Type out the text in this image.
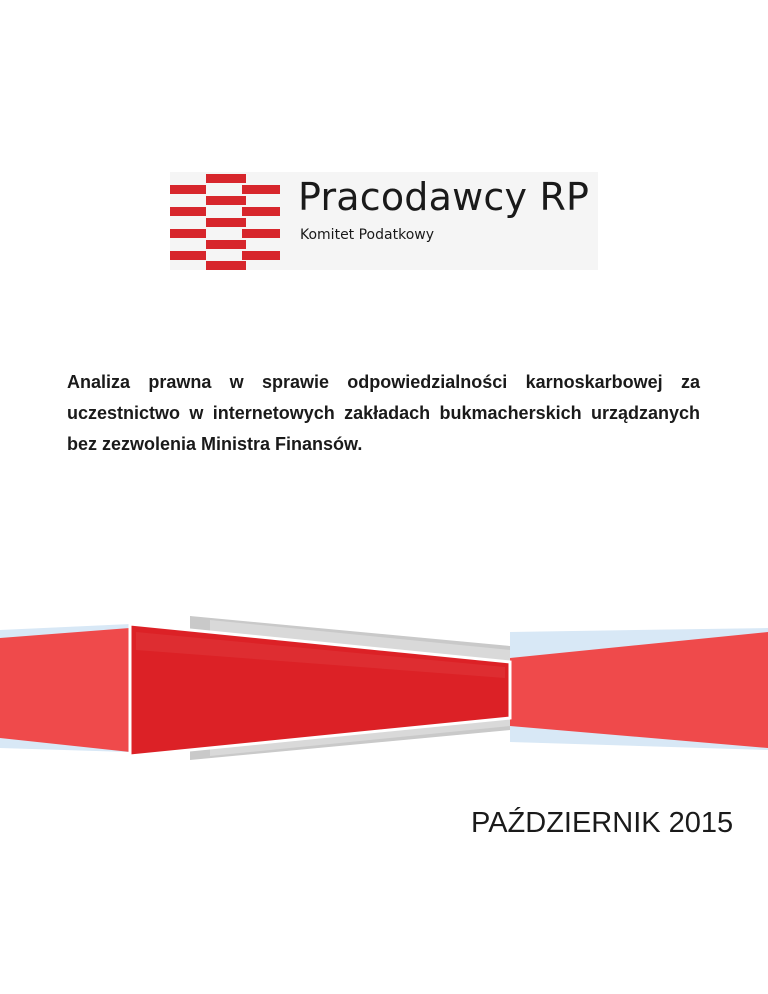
Pracodawcy RP
Komitet Podatkowy

Analiza prawna w sprawie odpowiedzialności karnoskarbowej za uczestnictwo w internetowych zakładach bukmacherskich urządzanych bez zezwolenia Ministra Finansów.

PAŹDZIERNIK 2015
